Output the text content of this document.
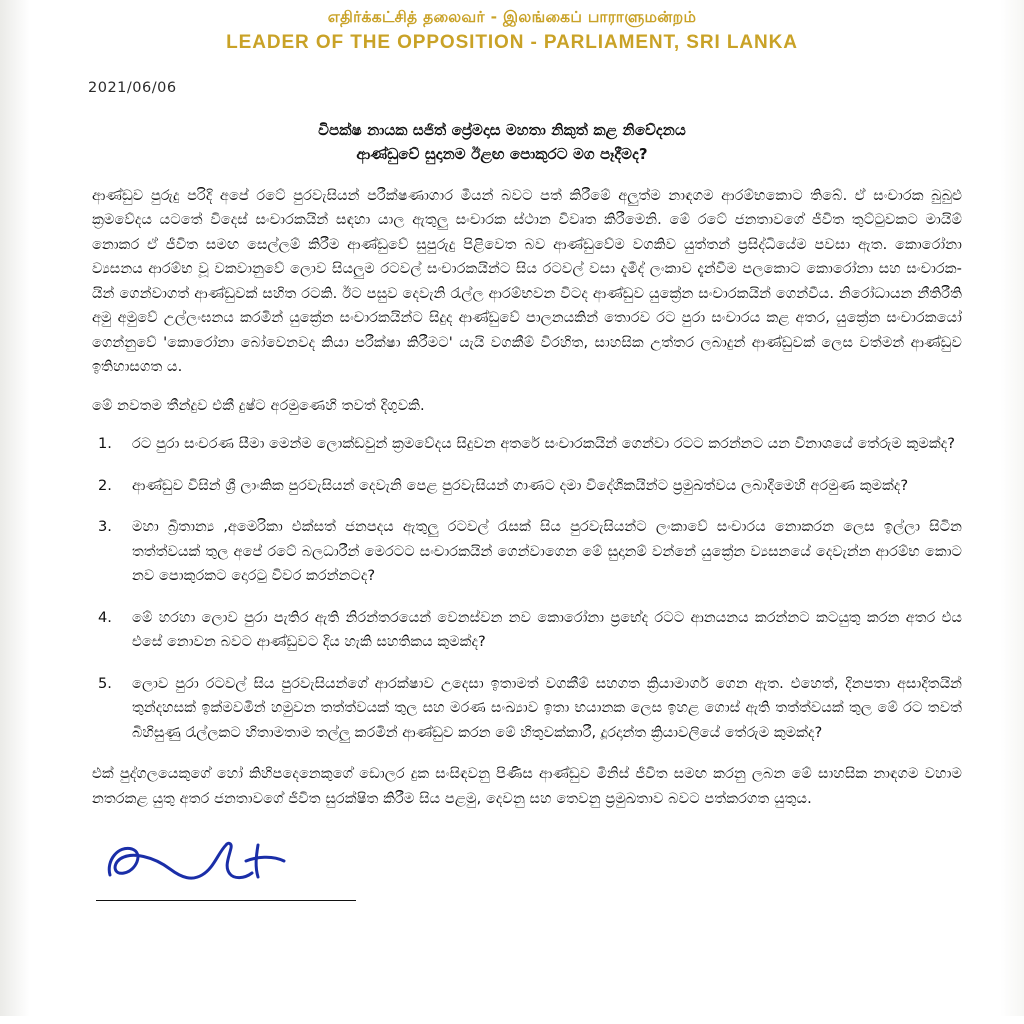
எதிர்க்கட்சித் தலைவர் - இலங்கைப் பாராளுமன்றம்
LEADER OF THE OPPOSITION - PARLIAMENT, SRI LANKA
2021/06/06
විපක්ෂ නායක සජිත් ප්‍රේමදාස මහතා නිකුත් කළ නිවේදනය
ආණ්ඩුවේ සුදානම ඊළඟ පොකුරට මග පෑදීමද?

ආණ්ඩුව පුරුදු පරිදි අපේ රටේ පුරවැසියන් පරීක්ෂණාගාර මීයන් බවට පත් කිරීමේ අලුත්ම නාඳගම ආරම්භකොට තිබේ. ඒ සංචාරක බුබුළු ක්‍රමවේදය යටතේ විදෙස් සංචාරකයින් සඳහා යාල ඇතුලු සංචාරක ස්ථාන විවෘත කිරීමෙනි. මේ රටේ ජනතාවගේ ජීවිත තුට්ටුවකට මායිම් නොකර ඒ ජීවිත සමඟ සෙල්ලම් කිරීම ආණ්ඩුවේ සුපුරුදු පිළිවෙත බව ආණ්ඩුවේම වගකිව යුත්තන් ප්‍රසිද්ධියේම පවසා ඇත. කොරෝනා ව්‍යසනය ආරම්භ වූ වකවානුවේ ලොව සියලුම රටවල් සංචාරකයින්ට සිය රටවල් වසා දැමීද් ලංකාව දැන්වීම පලකොට කොරෝනා සහ සංචාරක-යින් ගෙන්වාගත් ආණ්ඩුවක් සහිත රටකි. ඊට පසුව දෙවැනි රැල්ල ආරම්භවන විටද ආණ්ඩුව යුක්‍රේන සංචාරකයින් ගෙන්වීය. නිරෝධායන නීතිරීති අමු අමුවේ උල්ලංඝනය කරමින් යුක්‍රේන සංචාරකයින්ට සිදුද ආණ්ඩුවේ පාලනයකින් තොරව රට පුරා සංචාරය කළ අතර, යුක්‍රේන සංචාරකයෝ ගෙන්නුවේ 'කොරෝනා බෝවෙනවද කියා පරීක්ෂා කිරීමට' යැයි වගකීම් විරහිත, සාහසික උත්තර ලබාදුන් ආණ්ඩුවක් ලෙස වත්මන් ආණ්ඩුව ඉතිහාසගත ය.

මේ නවතම තීන්දුව එකී දුෂ්ට අරමුණෙහි තවත් දිගුවකි.

රට පුරා සංචරණ සීමා මෙන්ම ලොක්ඩවුන් ක්‍රමවේදය සිදුවන අතරේ සංචාරකයින් ගෙන්වා රටට කරන්නට යන විනාශයේ තේරුම කුමක්ද?
ආණ්ඩුව විසින් ශ්‍රී ලාංකික පුරවැසියන් දෙවැනි පෙළ පුරවැසියන් ගාණට දමා විදේශිකයින්ට ප්‍රමුඛත්වය ලබාදීමෙහි අරමුණ කුමක්ද?
මහා බ්‍රිතාන්‍ය ,අමෙරිකා එක්සත් ජනපදය ඇතුලු රටවල් රැසක් සිය පුරවැසියන්ට ලංකාවේ සංචාරය නොකරන ලෙස ඉල්ලා සිටින තත්ත්වයක් තුල අපේ රටේ බලධාරීන් මෙරටට සංචාරකයින් ගෙන්වාගෙන මේ සුදානම් වන්නේ යුක්‍රේන ව්‍යසනයේ දෙවැන්න ආරම්භ කොට නව පොකුරකට දොරටු විවර කරන්නටද?
මේ හරහා ලොව පුරා පැතිර ඇති නිරන්තරයෙන් වෙනස්වන නව කොරෝනා ප්‍රභේද රටට ආනයනය කරන්නට කටයුතු කරන අතර එය එසේ නොවන බවට ආණ්ඩුවට දිය හැකි සහතිකය කුමක්ද?
ලොව පුරා රටවල් සිය පුරවැසියන්ගේ ආරක්ෂාව උදෙසා ඉතාමත් වගකීම් සහගත ක්‍රියාමාර්ග ගෙන ඇත. එහෙත්, දිනපතා අසාදිතයින් තුන්දහසක් ඉක්මවමින් හමුවන තත්ත්වයක් තුල සහ මරණ සංඛ්‍යාව ඉතා භයානක ලෙස ඉහළ ගොස් ඇති තත්ත්වයක් තුල මේ රට තවත් බිහිසුණු රැල්ලකට හිතාමතාම තල්ලු කරමින් ආණ්ඩුව කරන මේ හිතුවක්කාරී, දූරදාන්ත ක්‍රියාවලියේ තේරුම කුමක්ද?

එක් පුද්ගලයෙකුගේ හෝ කිහිපදෙනෙකුගේ ඩොලර දුක සංසිඳවනු පිණිස ආණ්ඩුව මිනිස් ජීවිත සමඟ කරනු ලබන මේ සාහසික නාඳගම වහාම නතරකළ යුතු අතර ජනතාවගේ ජීවිත සුරක්ෂිත කිරීම සිය පළමු, දෙවනු සහ තෙවනු ප්‍රමුඛතාව බවට පත්කරගත යුතුය.
